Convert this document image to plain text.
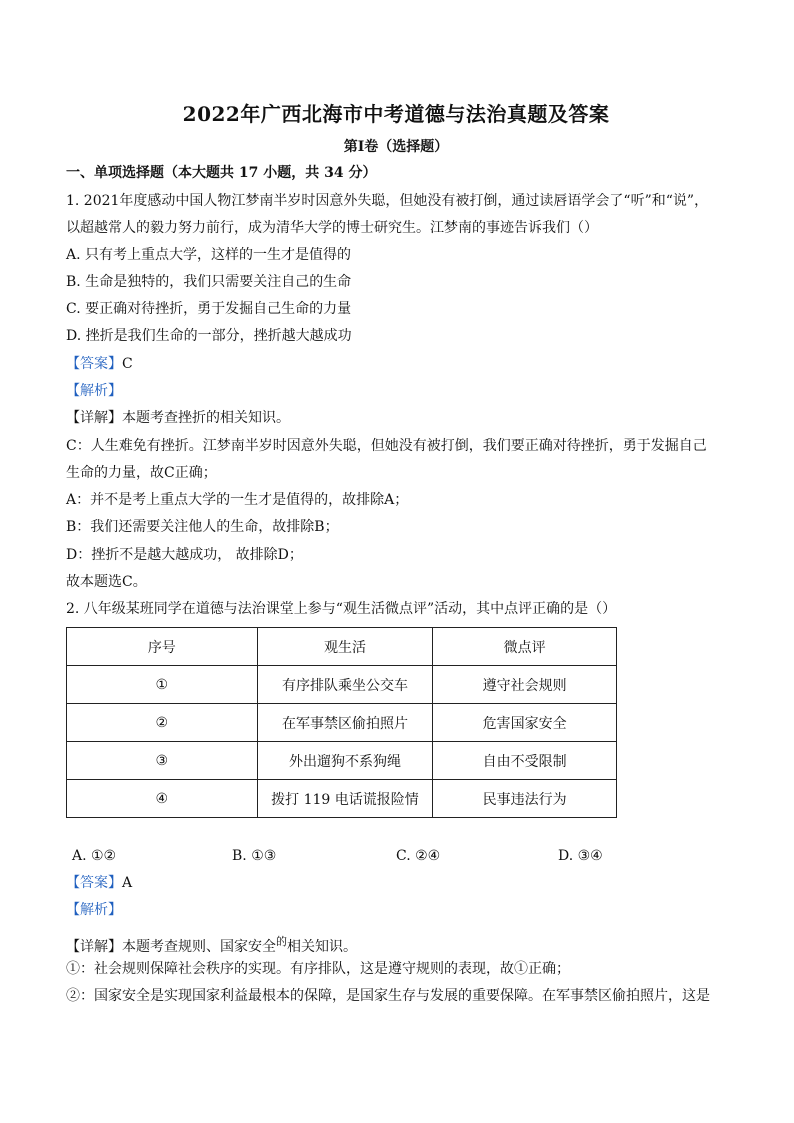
2022年广西北海市中考道德与法治真题及答案
第Ⅰ卷（选择题）
一、单项选择题（本大题共 17 小题，共 34 分）
1. 2021年度感动中国人物江梦南半岁时因意外失聪，但她没有被打倒，通过读唇语学会了“听”和“说”，
以超越常人的毅力努力前行，成为清华大学的博士研究生。江梦南的事迹告诉我们（）
A. 只有考上重点大学，这样的一生才是值得的
B. 生命是独特的，我们只需要关注自己的生命
C. 要正确对待挫折，勇于发掘自己生命的力量
D. 挫折是我们生命的一部分，挫折越大越成功
【答案】C
【解析】
【详解】本题考查挫折的相关知识。
C：人生难免有挫折。江梦南半岁时因意外失聪，但她没有被打倒，我们要正确对待挫折，勇于发掘自己
生命的力量，故C正确；
A：并不是考上重点大学的一生才是值得的，故排除A；
B：我们还需要关注他人的生命，故排除B；
D：挫折不是越大越成功， 故排除D；
故本题选C。
2. 八年级某班同学在道德与法治课堂上参与“观生活微点评”活动，其中点评正确的是（）
序号	观生活	微点评
①	有序排队乘坐公交车	遵守社会规则
②	在军事禁区偷拍照片	危害国家安全
③	外出遛狗不系狗绳	自由不受限制
④	拨打 119 电话谎报险情	民事违法行为
A. ①②	B. ①③	C. ②④	D. ③④
【答案】A
【解析】
【详解】本题考查规则、国家安全$^的$相关知识。
①：社会规则保障社会秩序的实现。有序排队，这是遵守规则的表现，故①正确；
②：国家安全是实现国家利益最根本的保障，是国家生存与发展的重要保障。在军事禁区偷拍照片，这是
